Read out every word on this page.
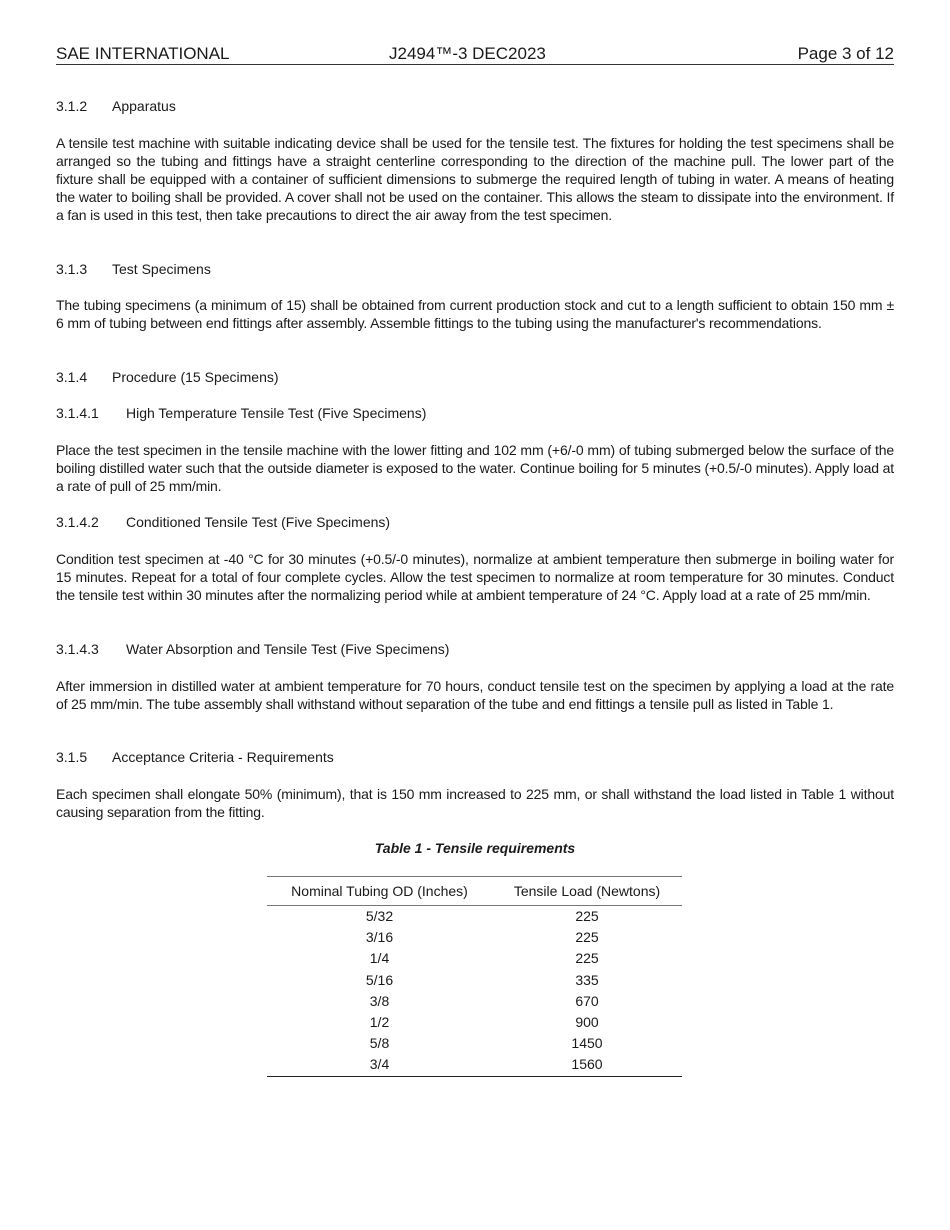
SAE INTERNATIONAL	J2494™-3 DEC2023	Page 3 of 12
3.1.2 Apparatus
A tensile test machine with suitable indicating device shall be used for the tensile test. The fixtures for holding the test specimens shall be arranged so the tubing and fittings have a straight centerline corresponding to the direction of the machine pull. The lower part of the fixture shall be equipped with a container of sufficient dimensions to submerge the required length of tubing in water. A means of heating the water to boiling shall be provided. A cover shall not be used on the container. This allows the steam to dissipate into the environment. If a fan is used in this test, then take precautions to direct the air away from the test specimen.
3.1.3 Test Specimens
The tubing specimens (a minimum of 15) shall be obtained from current production stock and cut to a length sufficient to obtain 150 mm ± 6 mm of tubing between end fittings after assembly. Assemble fittings to the tubing using the manufacturer's recommendations.
3.1.4 Procedure (15 Specimens)
3.1.4.1 High Temperature Tensile Test (Five Specimens)
Place the test specimen in the tensile machine with the lower fitting and 102 mm (+6/-0 mm) of tubing submerged below the surface of the boiling distilled water such that the outside diameter is exposed to the water. Continue boiling for 5 minutes (+0.5/-0 minutes). Apply load at a rate of pull of 25 mm/min.
3.1.4.2 Conditioned Tensile Test (Five Specimens)
Condition test specimen at -40 °C for 30 minutes (+0.5/-0 minutes), normalize at ambient temperature then submerge in boiling water for 15 minutes. Repeat for a total of four complete cycles. Allow the test specimen to normalize at room temperature for 30 minutes. Conduct the tensile test within 30 minutes after the normalizing period while at ambient temperature of 24 °C. Apply load at a rate of 25 mm/min.
3.1.4.3 Water Absorption and Tensile Test (Five Specimens)
After immersion in distilled water at ambient temperature for 70 hours, conduct tensile test on the specimen by applying a load at the rate of 25 mm/min. The tube assembly shall withstand without separation of the tube and end fittings a tensile pull as listed in Table 1.
3.1.5 Acceptance Criteria - Requirements
Each specimen shall elongate 50% (minimum), that is 150 mm increased to 225 mm, or shall withstand the load listed in Table 1 without causing separation from the fitting.
Table 1 - Tensile requirements
Nominal Tubing OD (Inches)	Tensile Load (Newtons)
5/32	225
3/16	225
1/4	225
5/16	335
3/8	670
1/2	900
5/8	1450
3/4	1560
